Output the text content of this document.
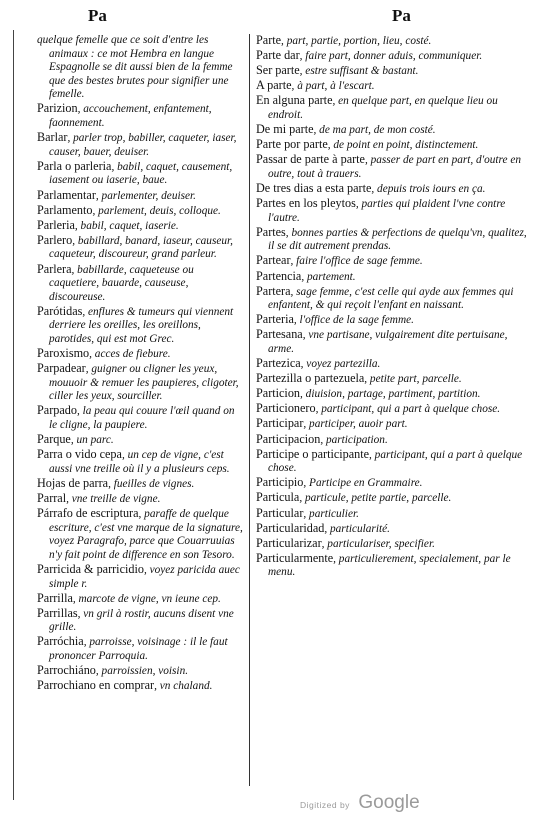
Pa	Pa
quelque femelle que ce soit d'entre les animaux : ce mot Hembra en langue Espagnolle se dit aussi bien de la femme que des bestes brutes pour signifier une femelle.
Parizion, accouchement, enfantement, faonnement.
Barlar, parler trop, babiller, caqueter, iaser, causer, bauer, deuiser.
Parla o parleria, babil, caquet, causement, iasement ou iaserie, baue.
Parlamentar, parlementer, deuiser.
Parlamento, parlement, deuis, colloque.
Parleria, babil, caquet, iaserie.
Parlero, babillard, banard, iaseur, causeur, caqueteur, discoureur, grand parleur.
Parlera, babillarde, caqueteuse ou caquetiere, bauarde, causeuse, discoureuse.
Parótidas, enflures & tumeurs qui viennent derriere les oreilles, les oreillons, parotides, qui est mot Grec.
Paroxismo, acces de fiebure.
Parpadear, guigner ou cligner les yeux, mouuoir & remuer les paupieres, cligoter, ciller les yeux, sourciller.
Parpado, la peau qui couure l'œil quand on le cligne, la paupiere.
Parque, un parc.
Parra o vido cepa, un cep de vigne, c'est aussi vne treille où il y a plusieurs ceps.
Hojas de parra, fueilles de vignes.
Parral, vne treille de vigne.
Párrafo de escriptura, paraffe de quelque escriture, c'est vne marque de la signature, voyez Paragrafo, parce que Couarruuias n'y fait point de difference en son Tesoro.
Parricida & parricidio, voyez paricida auec simple r.
Parrilla, marcote de vigne, vn ieune cep.
Parrillas, vn gril à rostir, aucuns disent vne grille.
Parróchia, parroisse, voisinage : il le faut prononcer Parroquia.
Parrochiáno, parroissien, voisin.
Parrochiano en comprar, vn chaland.
Parte, part, partie, portion, lieu, costé.
Parte dar, faire part, donner aduis, communiquer.
Ser parte, estre suffisant & bastant.
A parte, à part, à l'escart.
En alguna parte, en quelque part, en quelque lieu ou endroit.
De mi parte, de ma part, de mon costé.
Parte por parte, de point en point, distinctement.
Passar de parte à parte, passer de part en part, d'outre en outre, tout à trauers.
De tres dias a esta parte, depuis trois iours en ça.
Partes en los pleytos, parties qui plaident l'vne contre l'autre.
Partes, bonnes parties & perfections de quelqu'vn, qualitez, il se dit autrement prendas.
Partear, faire l'office de sage femme.
Partencia, partement.
Partera, sage femme, c'est celle qui ayde aux femmes qui enfantent, & qui reçoit l'enfant en naissant.
Parteria, l'office de la sage femme.
Partesana, vne partisane, vulgairement dite pertuisane, arme.
Partezica, voyez partezilla.
Partezilla o partezuela, petite part, parcelle.
Particion, diuision, partage, partiment, partition.
Particionero, participant, qui a part à quelque chose.
Participar, participer, auoir part.
Participacion, participation.
Participe o participante, participant, qui a part à quelque chose.
Participio, Participe en Grammaire.
Particula, particule, petite partie, parcelle.
Particular, particulier.
Particularidad, particularité.
Particularizar, particulariser, specifier.
Particularmente, particulierement, specialement, par le menu.
Digitized by Google
